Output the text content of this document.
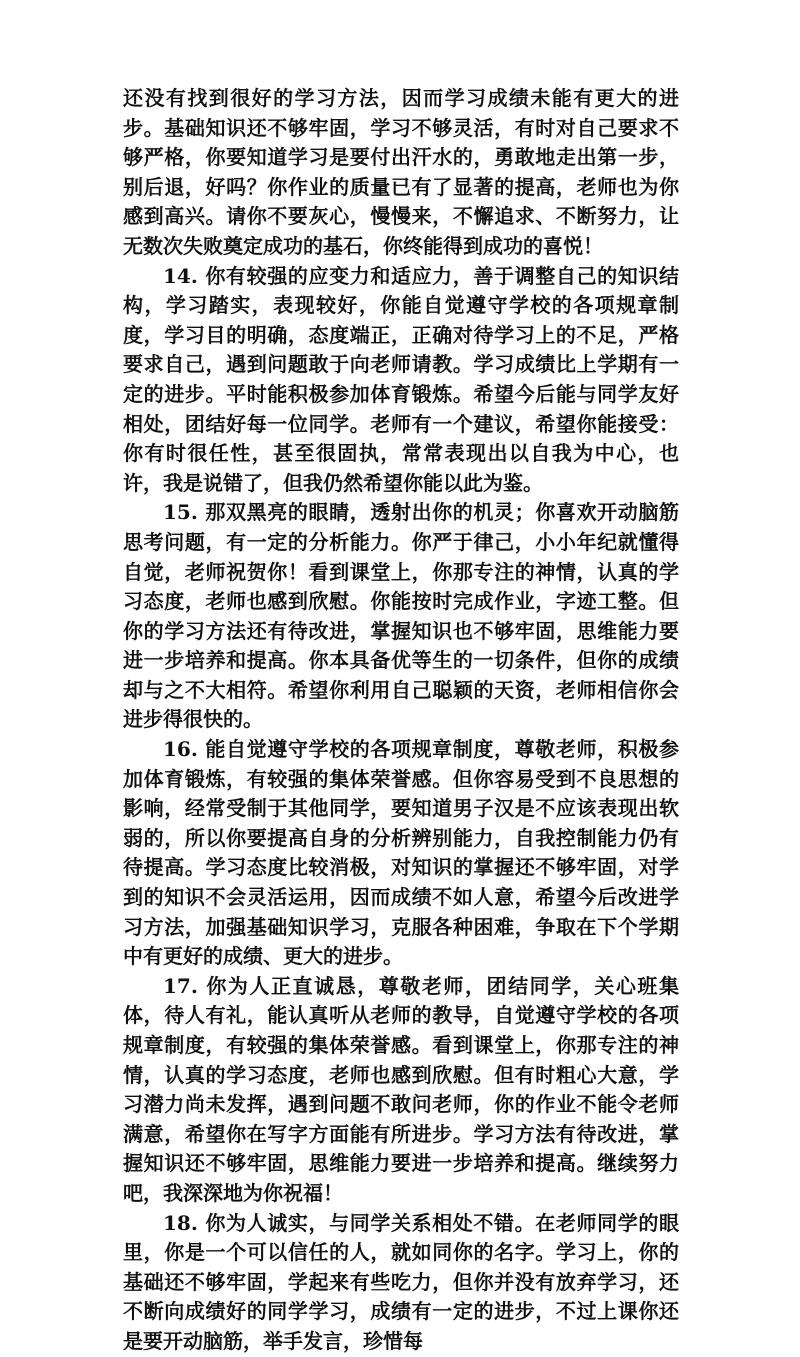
还没有找到很好的学习方法，因而学习成绩未能有更大的进步。基础知识还不够牢固，学习不够灵活，有时对自己要求不够严格，你要知道学习是要付出汗水的，勇敢地走出第一步，别后退，好吗？你作业的质量已有了显著的提高，老师也为你感到高兴。请你不要灰心，慢慢来，不懈追求、不断努力，让无数次失败奠定成功的基石，你终能得到成功的喜悦！

14. 你有较强的应变力和适应力，善于调整自己的知识结构，学习踏实，表现较好，你能自觉遵守学校的各项规章制度，学习目的明确，态度端正，正确对待学习上的不足，严格要求自己，遇到问题敢于向老师请教。学习成绩比上学期有一定的进步。平时能积极参加体育锻炼。希望今后能与同学友好相处，团结好每一位同学。老师有一个建议，希望你能接受：你有时很任性，甚至很固执，常常表现出以自我为中心，也许，我是说错了，但我仍然希望你能以此为鉴。

15. 那双黑亮的眼睛，透射出你的机灵；你喜欢开动脑筋思考问题，有一定的分析能力。你严于律己，小小年纪就懂得自觉，老师祝贺你！看到课堂上，你那专注的神情，认真的学习态度，老师也感到欣慰。你能按时完成作业，字迹工整。但你的学习方法还有待改进，掌握知识也不够牢固，思维能力要进一步培养和提高。你本具备优等生的一切条件，但你的成绩却与之不大相符。希望你利用自己聪颖的天资，老师相信你会进步得很快的。

16. 能自觉遵守学校的各项规章制度，尊敬老师，积极参加体育锻炼，有较强的集体荣誉感。但你容易受到不良思想的影响，经常受制于其他同学，要知道男子汉是不应该表现出软弱的，所以你要提高自身的分析辨别能力，自我控制能力仍有待提高。学习态度比较消极，对知识的掌握还不够牢固，对学到的知识不会灵活运用，因而成绩不如人意，希望今后改进学习方法，加强基础知识学习，克服各种困难，争取在下个学期中有更好的成绩、更大的进步。

17. 你为人正直诚恳，尊敬老师，团结同学，关心班集体，待人有礼，能认真听从老师的教导，自觉遵守学校的各项规章制度，有较强的集体荣誉感。看到课堂上，你那专注的神情，认真的学习态度，老师也感到欣慰。但有时粗心大意，学习潜力尚未发挥，遇到问题不敢问老师，你的作业不能令老师满意，希望你在写字方面能有所进步。学习方法有待改进，掌握知识还不够牢固，思维能力要进一步培养和提高。继续努力吧，我深深地为你祝福！

18. 你为人诚实，与同学关系相处不错。在老师同学的眼里，你是一个可以信任的人，就如同你的名字。学习上，你的基础还不够牢固，学起来有些吃力，但你并没有放弃学习，还不断向成绩好的同学学习，成绩有一定的进步，不过上课你还是要开动脑筋，举手发言，珍惜每
